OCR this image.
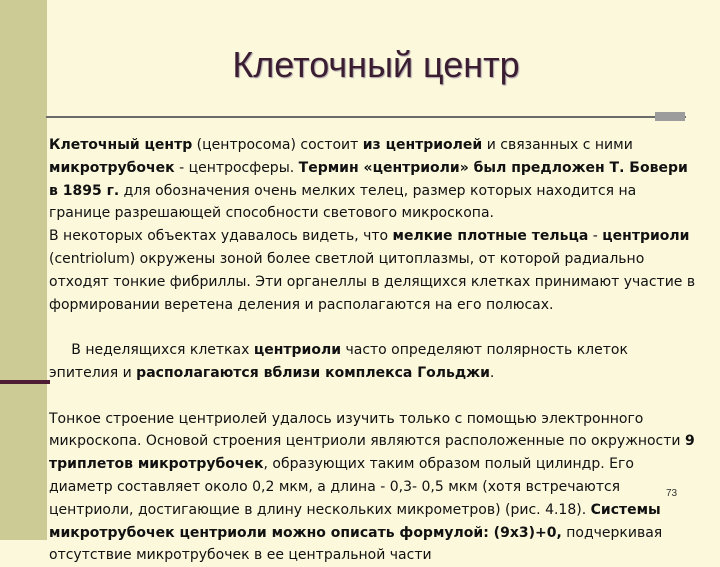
Клеточный центр
Клеточный центр (центросома) состоит из центриолей и связанных с ними микротрубочек - центросферы. Термин «центриоли» был предложен Т. Бовери в 1895 г. для обозначения очень мелких телец, размер которых находится на границе разрешающей способности светового микроскопа.
В некоторых объектах удавалось видеть, что мелкие плотные тельца - центриоли (centriolum) окружены зоной более светлой цитоплазмы, от которой радиально отходят тонкие фибриллы. Эти органеллы в делящихся клетках принимают участие в формировании веретена деления и располагаются на его полюсах.

В неделящихся клетках центриоли часто определяют полярность клеток эпителия и располагаются вблизи комплекса Гольджи.

Тонкое строение центриолей удалось изучить только с помощью электронного микроскопа. Основой строения центриоли являются расположенные по окружности 9 триплетов микротрубочек, образующих таким образом полый цилиндр. Его диаметр составляет около 0,2 мкм, а длина - 0,3- 0,5 мкм (хотя встречаются центриоли, достигающие в длину нескольких микрометров) (рис. 4.18). Системы микротрубочек центриоли можно описать формулой: (9х3)+0, подчеркивая отсутствие микротрубочек в ее центральной части
73
